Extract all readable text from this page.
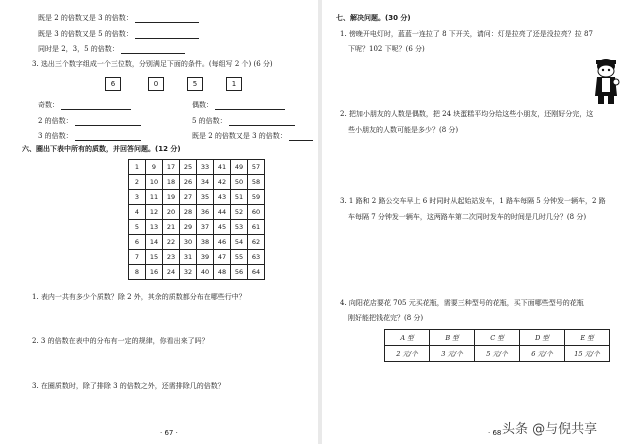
既是 2 的倍数又是 3 的倍数：
既是 3 的倍数又是 5 的倍数：
同时是 2，3，5 的倍数：
3. 选出三个数字组成一个三位数，分别满足下面的条件。(每组写 2 个) (6 分)
6	0	5	1
奇数：	偶数：
2 的倍数：	5 的倍数：
3 的倍数：	既是 2 的倍数又是 3 的倍数：
六、圈出下表中所有的质数，并回答问题。(12 分)
1	9	17	25	33	41	49	57
2	10	18	26	34	42	50	58
3	11	19	27	35	43	51	59
4	12	20	28	36	44	52	60
5	13	21	29	37	45	53	61
6	14	22	30	38	46	54	62
7	15	23	31	39	47	55	63
8	16	24	32	40	48	56	64
1. 表内一共有多少个质数？除 2 外，其余的质数都分布在哪些行中？
2. 3 的倍数在表中的分布有一定的规律，你看出来了吗？
3. 在圈质数时，除了排除 3 的倍数之外，还需排除几的倍数？
· 67 ·
七、解决问题。(30 分)
1. 傍晚开电灯时，蓝蓝一连拉了 8 下开关，请问：灯是拉亮了还是没拉亮？拉 87
下呢？102 下呢？(6 分)
2. 把加小朋友的人数是偶数，把 24 块蛋糕平均分给这些小朋友，还刚好分完，这
些小朋友的人数可能是多少？(8 分)
3. 1 路和 2 路公交车早上 6 时同时从起始站发车，1 路车每隔 5 分钟发一辆车，2 路
车每隔 7 分钟发一辆车，这两路车第二次同时发车的时间是几时几分？(8 分)
4. 向阳花店要花 705 元买花瓶，需要三种型号的花瓶，买下面哪些型号的花瓶
刚好能把钱花完？(8 分)
· 68 ·
A 型	B 型	C 型	D 型	E 型
2 元/个	3 元/个	5 元/个	6 元/个	15 元/个
头条 @与倪共享
